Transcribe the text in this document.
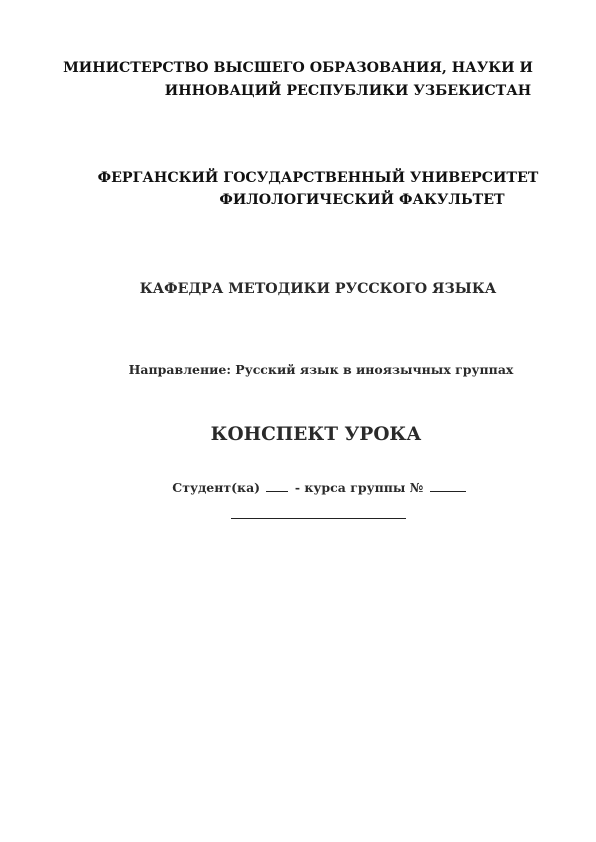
МИНИСТЕРСТВО ВЫСШЕГО ОБРАЗОВАНИЯ, НАУКИ И
ИННОВАЦИЙ РЕСПУБЛИКИ УЗБЕКИСТАН
ФЕРГАНСКИЙ ГОСУДАРСТВЕННЫЙ УНИВЕРСИТЕТ
ФИЛОЛОГИЧЕСКИЙ ФАКУЛЬТЕТ
КАФЕДРА МЕТОДИКИ РУССКОГО ЯЗЫКА
Направление: Русский язык в иноязычных группах
КОНСПЕКТ УРОКА
Студент(ка)	- курса группы №
